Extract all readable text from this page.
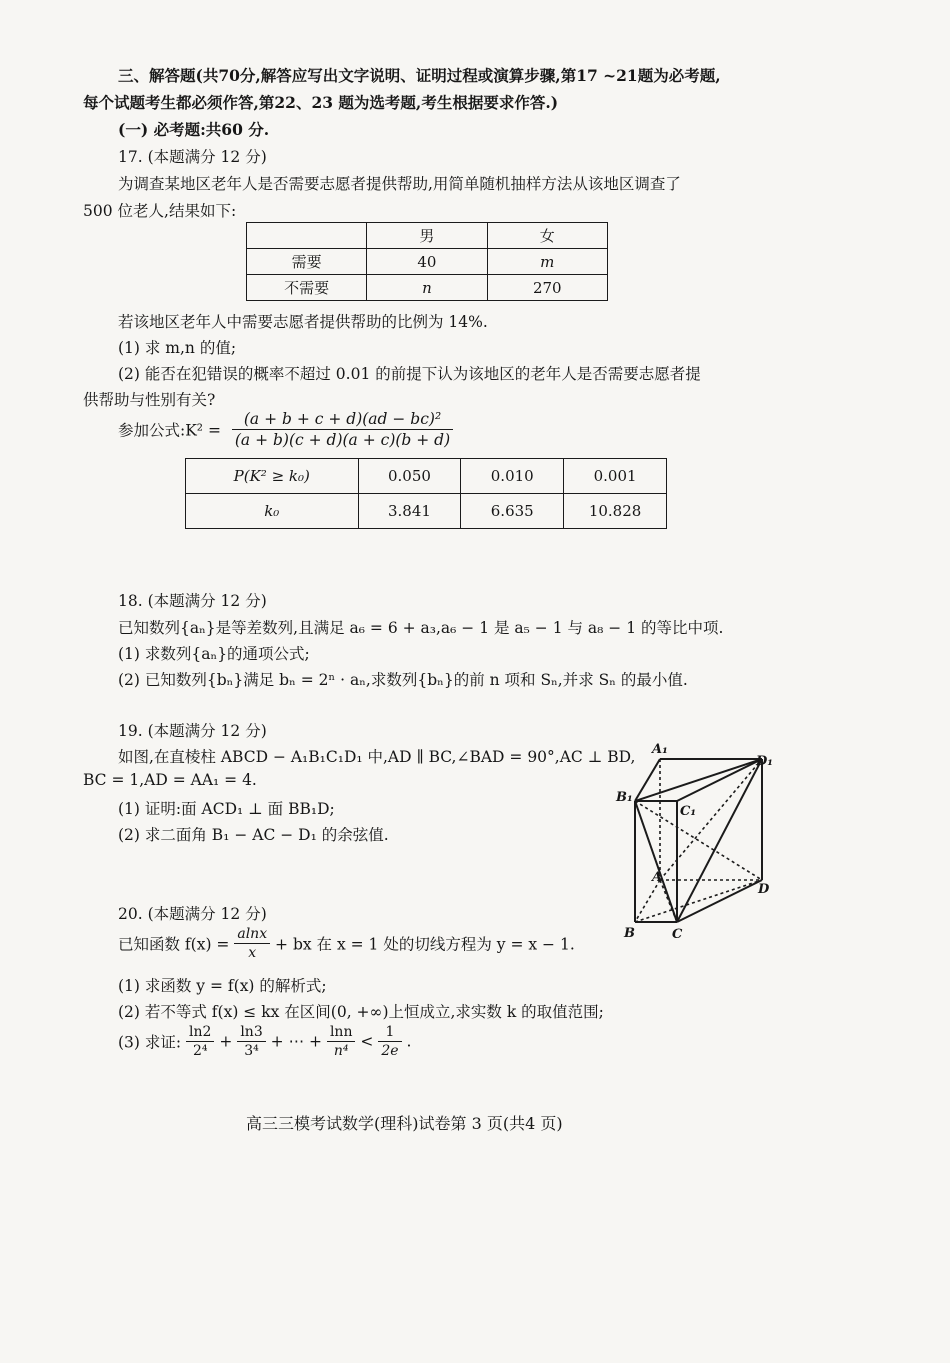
三、解答题(共70分,解答应写出文字说明、证明过程或演算步骤,第17 ~21题为必考题,
每个试题考生都必须作答,第22、23 题为选考题,考生根据要求作答.)
(一) 必考题:共60 分.
17. (本题满分 12 分)
为调查某地区老年人是否需要志愿者提供帮助,用简单随机抽样方法从该地区调查了
500 位老人,结果如下:
	男	女
需要	40	m
不需要	n	270
若该地区老年人中需要志愿者提供帮助的比例为 14%.
(1) 求 m,n 的值;
(2) 能否在犯错误的概率不超过 0.01 的前提下认为该地区的老年人是否需要志愿者提
供帮助与性别有关?
参加公式:K² = $\frac{\text{(a + b + c + d)(ad − bc)²}}{(a + b)(c + d)(a + c)(b + d)}$
P(K² ≥ k₀)	0.050	0.010	0.001
k₀	3.841	6.635	10.828
18. (本题满分 12 分)
已知数列{aₙ}是等差数列,且满足 a₆ = 6 + a₃,a₆ − 1 是 a₅ − 1 与 a₈ − 1 的等比中项.
(1) 求数列{aₙ}的通项公式;
(2) 已知数列{bₙ}满足 bₙ = 2ⁿ · aₙ,求数列{bₙ}的前 n 项和 Sₙ,并求 Sₙ 的最小值.
19. (本题满分 12 分)
如图,在直棱柱 ABCD − A₁B₁C₁D₁ 中,AD ∥ BC,∠BAD = 90°,AC ⊥ BD,
BC = 1,AD = AA₁ = 4.
(1) 证明:面 ACD₁ ⊥ 面 BB₁D;
(2) 求二面角 B₁ − AC − D₁ 的余弦值.
A₁
D₁
B₁
C₁
A
D
B	C
20. (本题满分 12 分)
已知函数 $f(x) = \frac{alnx}{x}$ + bx 在 x = 1 处的切线方程为 y = x − 1.
(1) 求函数 y = f(x) 的解析式;
(2) 若不等式 f(x) ≤ kx 在区间(0, +∞)上恒成立,求实数 k 的取值范围;
(3) 求证: $\frac{\ln 2}{\text{2⁴}} + \frac{\ln 3}{\text{3⁴}}$ + ⋯ + $\frac{\ln n}{\text{n⁴}} < \frac{1}{2e}$ .
高三三模考试数学(理科)试卷第 3 页(共4 页)
